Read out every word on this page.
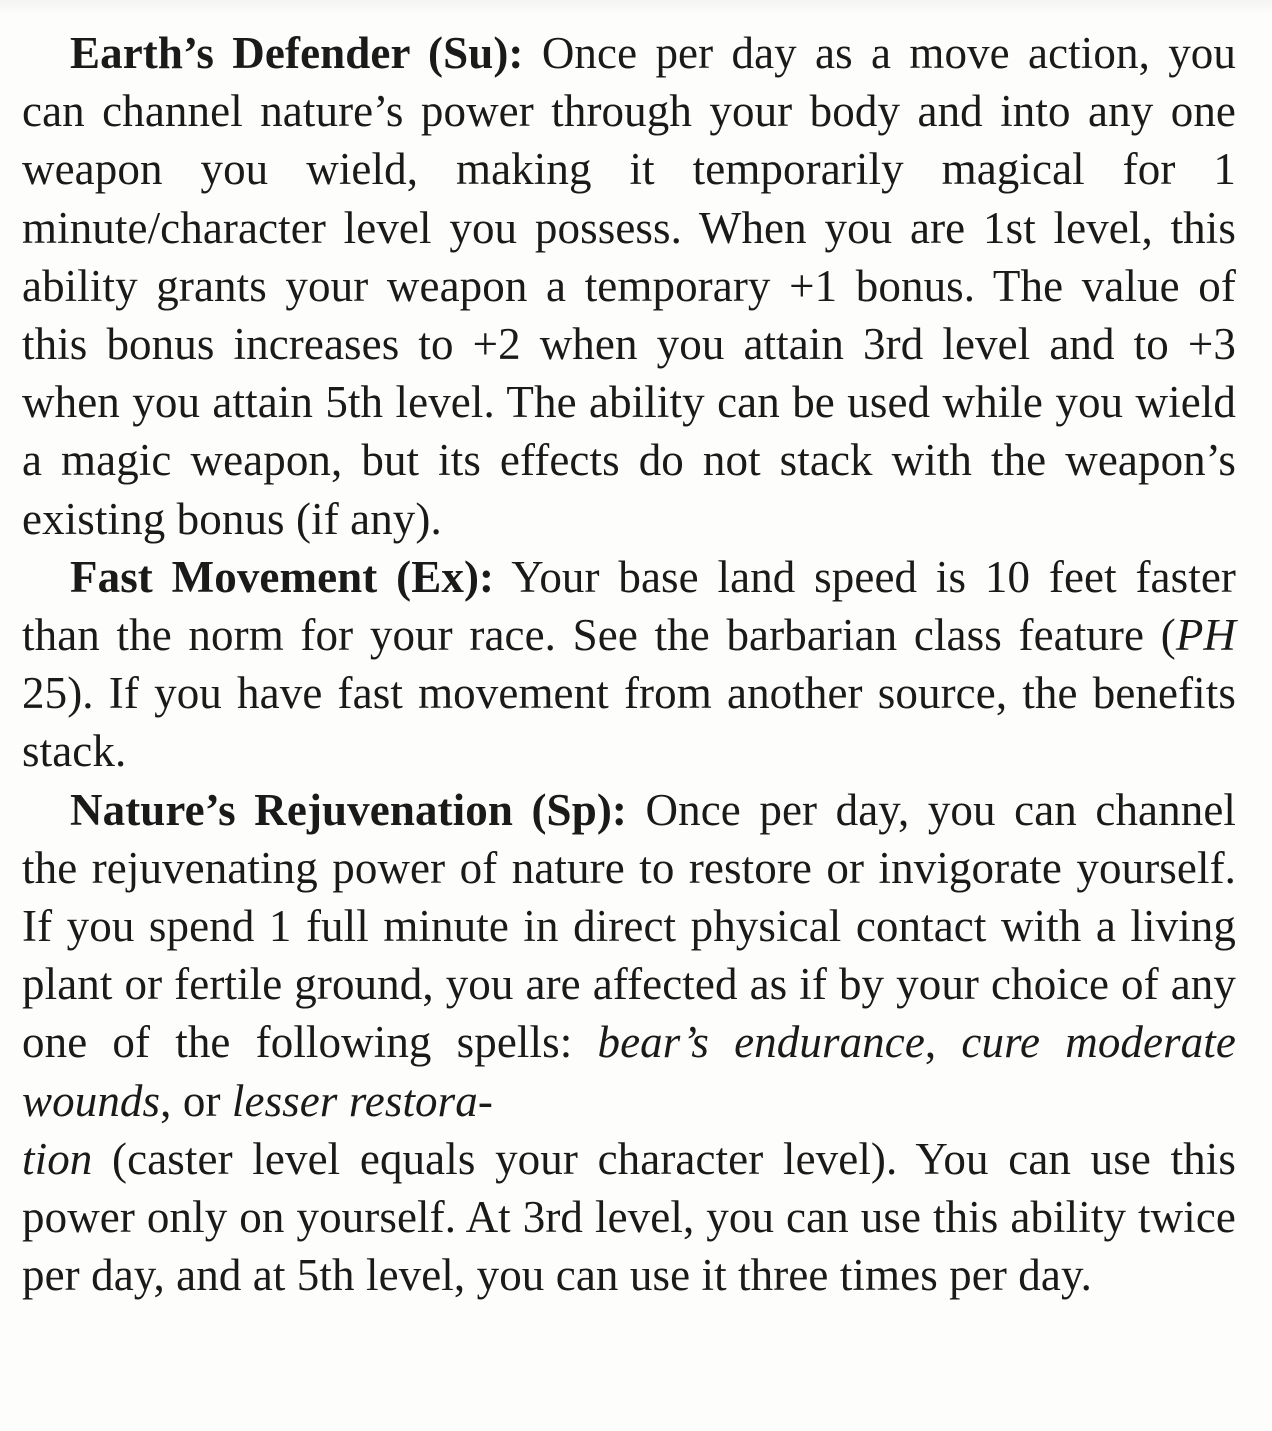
Earth’s Defender (Su): Once per day as a move action, you can channel nature’s power through your body and into any one weapon you wield, making it temporarily magical for 1 minute/character level you possess. When you are 1st level, this ability grants your weapon a temporary +1 bonus. The value of this bonus increases to +2 when you attain 3rd level and to +3 when you attain 5th level. The ability can be used while you wield a magic weapon, but its effects do not stack with the weapon’s existing bonus (if any).

Fast Movement (Ex): Your base land speed is 10 feet faster than the norm for your race. See the barbarian class feature (PH 25). If you have fast movement from another source, the benefits stack.

Nature’s Rejuvenation (Sp): Once per day, you can channel the rejuvenating power of nature to restore or invigorate yourself. If you spend 1 full minute in direct physical contact with a living plant or fertile ground, you are affected as if by your choice of any one of the following spells: bear’s endurance, cure moderate wounds, or lesser restora-
tion (caster level equals your character level). You can use this power only on yourself. At 3rd level, you can use this ability twice per day, and at 5th level, you can use it three times per day.
